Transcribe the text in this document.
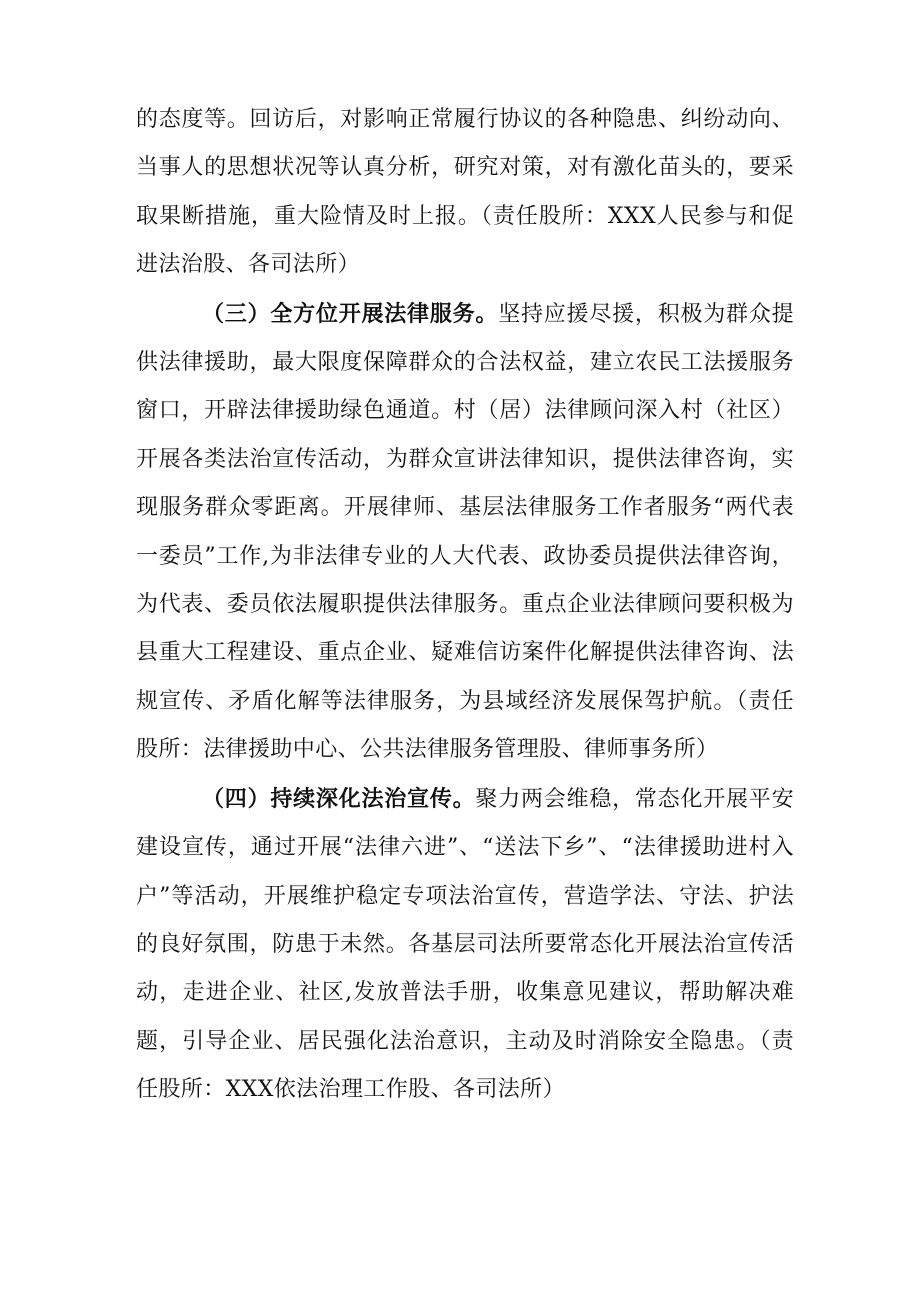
的态度等。回访后，对影响正常履行协议的各种隐患、纠纷动向、当事人的思想状况等认真分析，研究对策，对有激化苗头的，要采取果断措施，重大险情及时上报。（责任股所：XXX人民参与和促进法治股、各司法所）

（三）全方位开展法律服务。坚持应援尽援，积极为群众提供法律援助，最大限度保障群众的合法权益，建立农民工法援服务窗口，开辟法律援助绿色通道。村（居）法律顾问深入村（社区）开展各类法治宣传活动，为群众宣讲法律知识，提供法律咨询，实现服务群众零距离。开展律师、基层法律服务工作者服务“两代表一委员”工作,为非法律专业的人大代表、政协委员提供法律咨询，为代表、委员依法履职提供法律服务。重点企业法律顾问要积极为县重大工程建设、重点企业、疑难信访案件化解提供法律咨询、法规宣传、矛盾化解等法律服务，为县域经济发展保驾护航。（责任股所：法律援助中心、公共法律服务管理股、律师事务所）

（四）持续深化法治宣传。聚力两会维稳，常态化开展平安建设宣传，通过开展“法律六进”、“送法下乡”、“法律援助进村入户”等活动，开展维护稳定专项法治宣传，营造学法、守法、护法的良好氛围，防患于未然。各基层司法所要常态化开展法治宣传活动，走进企业、社区,发放普法手册，收集意见建议，帮助解决难题，引导企业、居民强化法治意识，主动及时消除安全隐患。（责任股所：XXX依法治理工作股、各司法所）
